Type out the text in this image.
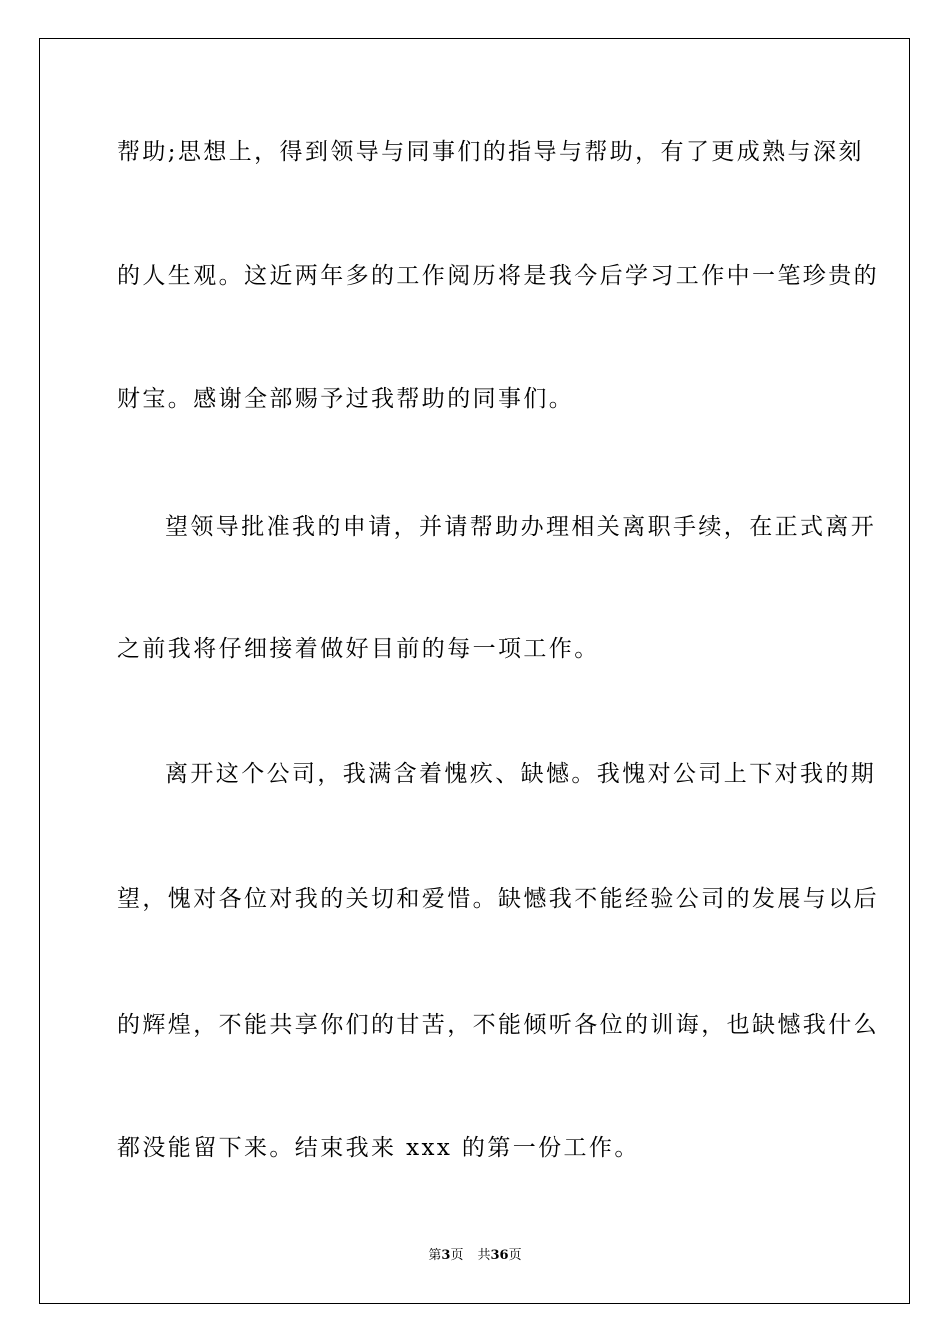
帮助;思想上，得到领导与同事们的指导与帮助，有了更成熟与深刻
的人生观。这近两年多的工作阅历将是我今后学习工作中一笔珍贵的
财宝。感谢全部赐予过我帮助的同事们。
望领导批准我的申请，并请帮助办理相关离职手续，在正式离开
之前我将仔细接着做好目前的每一项工作。
离开这个公司，我满含着愧疚、缺憾。我愧对公司上下对我的期
望，愧对各位对我的关切和爱惜。缺憾我不能经验公司的发展与以后
的辉煌，不能共享你们的甘苦，不能倾听各位的训诲，也缺憾我什么
都没能留下来。结束我来 xxx 的第一份工作。
第3页 共36页
